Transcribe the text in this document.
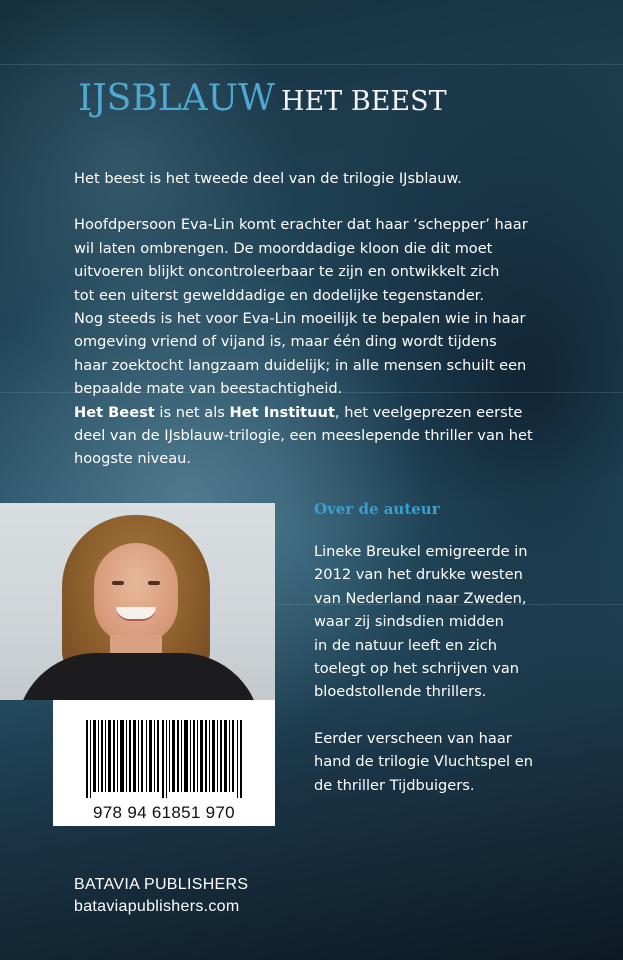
IJSBLAUW HET BEEST

Het beest is het tweede deel van de trilogie IJsblauw.

Hoofdpersoon Eva-Lin komt erachter dat haar ‘schepper’ haar

wil laten ombrengen. De moorddadige kloon die dit moet

uitvoeren blijkt oncontroleerbaar te zijn en ontwikkelt zich

tot een uiterst gewelddadige en dodelijke tegenstander.

Nog steeds is het voor Eva-Lin moeilijk te bepalen wie in haar

omgeving vriend of vijand is, maar één ding wordt tijdens

haar zoektocht langzaam duidelijk; in alle mensen schuilt een

bepaalde mate van beestachtigheid.

Het Beest is net als Het Instituut, het veelgeprezen eerste

deel van de IJsblauw-trilogie, een meeslepende thriller van het

hoogste niveau.

978 94 61851 970
Over de auteur

Lineke Breukel emigreerde in

2012 van het drukke westen

van Nederland naar Zweden,

waar zij sindsdien midden

in de natuur leeft en zich

toelegt op het schrijven van

bloedstollende thrillers.

Eerder verscheen van haar

hand de trilogie Vluchtspel en

de thriller Tijdbuigers.

BATAVIA PUBLISHERS
bataviapublishers.com
